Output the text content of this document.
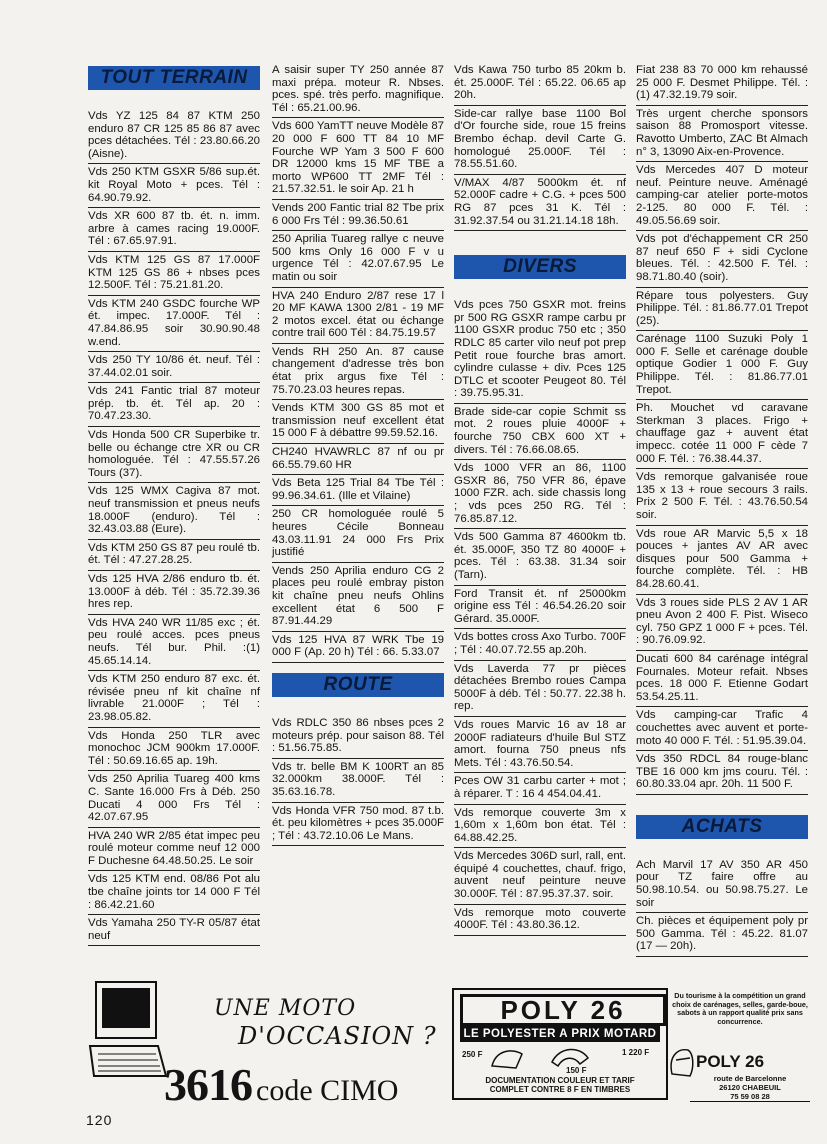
TOUT TERRAIN
Vds YZ 125 84 87 KTM 250 enduro 87 CR 125 85 86 87 avec pces détachées. Tél : 23.80.66.20 (Aisne).
Vds 250 KTM GSXR 5/86 sup.ét. kit Royal Moto + pces. Tél : 64.90.79.92.
Vds XR 600 87 tb. ét. n. imm. arbre à cames racing 19.000F. Tél : 67.65.97.91.
Vds KTM 125 GS 87 17.000F KTM 125 GS 86 + nbses pces 12.500F. Tél : 75.21.81.20.
Vds KTM 240 GSDC fourche WP ét. impec. 17.000F. Tél : 47.84.86.95 soir 30.90.90.48 w.end.
Vds 250 TY 10/86 ét. neuf. Tél : 37.44.02.01 soir.
Vds 241 Fantic trial 87 moteur prép. tb. ét. Tél ap. 20 : 70.47.23.30.
Vds Honda 500 CR Superbike tr. belle ou échange ctre XR ou CR homologuée. Tél : 47.55.57.26 Tours (37).
Vds 125 WMX Cagiva 87 mot. neuf transmission et pneus neufs 18.000F (enduro). Tél : 32.43.03.88 (Eure).
Vds KTM 250 GS 87 peu roulé tb. ét. Tél : 47.27.28.25.
Vds 125 HVA 2/86 enduro tb. ét. 13.000F à déb. Tél : 35.72.39.36 hres rep.
Vds HVA 240 WR 11/85 exc ; ét. peu roulé acces. pces pneus neufs. Tél bur. Phil. :(1) 45.65.14.14.
Vds KTM 250 enduro 87 exc. ét. révisée pneu nf kit chaîne nf livrable 21.000F ; Tél : 23.98.05.82.
Vds Honda 250 TLR avec monochoc JCM 900km 17.000F. Tél : 50.69.16.65 ap. 19h.
Vds 250 Aprilia Tuareg 400 kms C. Sante 16.000 Frs à Déb. 250 Ducati 4 000 Frs Tél : 42.07.67.95
HVA 240 WR 2/85 état impec peu roulé moteur comme neuf 12 000 F Duchesne 64.48.50.25. Le soir
Vds 125 KTM end. 08/86 Pot alu tbe chaîne joints tor 14 000 F Tél : 86.42.21.60
Vds Yamaha 250 TY-R 05/87 état neuf
A saisir super TY 250 année 87 maxi prépa. moteur R. Nbses. pces. spé. très perfo. magnifique. Tél : 65.21.00.96.
Vds 600 YamTT neuve Modèle 87 20 000 F 600 TT 84 10 MF Fourche WP Yam 3 500 F 600 DR 12000 kms 15 MF TBE a morto WP600 TT 2MF Tél : 21.57.32.51. le soir Ap. 21 h
Vends 200 Fantic trial 82 Tbe prix 6 000 Frs Tél : 99.36.50.61
250 Aprilia Tuareg rallye c neuve 500 kms Only 16 000 F v u urgence Tél : 42.07.67.95 Le matin ou soir
HVA 240 Enduro 2/87 rese 17 l 20 MF KAWA 1300 2/81 - 19 MF 2 motos excel. état ou échange contre trail 600 Tél : 84.75.19.57
Vends RH 250 An. 87 cause changement d'adresse très bon état prix argus fixe Tél : 75.70.23.03 heures repas.
Vends KTM 300 GS 85 mot et transmission neuf excellent état 15 000 F à débattre 99.59.52.16.
CH240 HVAWRLC 87 nf ou pr 66.55.79.60 HR
Vds Beta 125 Trial 84 Tbe Tél : 99.96.34.61. (Ille et Vilaine)
250 CR homologuée roulé 5 heures Cécile Bonneau 43.03.11.91 24 000 Frs Prix justifié
Vends 250 Aprilia enduro CG 2 places peu roulé embray piston kit chaîne pneu neufs Ohlins excellent état 6 500 F 87.91.44.29
Vds 125 HVA 87 WRK Tbe 19 000 F (Ap. 20 h) Tél : 66. 5.33.07
ROUTE
Vds RDLC 350 86 nbses pces 2 moteurs prép. pour saison 88. Tél : 51.56.75.85.
Vds tr. belle BM K 100RT an 85 32.000km 38.000F. Tél : 35.63.16.78.
Vds Honda VFR 750 mod. 87 t.b. ét. peu kilomètres + pces 35.000F ; Tél : 43.72.10.06 Le Mans.
Vds Kawa 750 turbo 85 20km b. ét. 25.000F. Tél : 65.22. 06.65 ap 20h.
Side-car rallye base 1100 Bol d'Or fourche side, roue 15 freins Brembo échap. devil Carte G. homologué 25.000F. Tél : 78.55.51.60.
V/MAX 4/87 5000km ét. nf 52.000F cadre + C.G. + pces 500 RG 87 pces 31 K. Tél : 31.92.37.54 ou 31.21.14.18 18h.
DIVERS
Vds pces 750 GSXR mot. freins pr 500 RG GSXR rampe carbu pr 1100 GSXR produc 750 etc ; 350 RDLC 85 carter vilo neuf pot prep Petit roue fourche bras amort. cylindre culasse + div. Pces 125 DTLC et scooter Peugeot 80. Tél : 39.75.95.31.
Brade side-car copie Schmit ss mot. 2 roues pluie 4000F + fourche 750 CBX 600 XT + divers. Tél : 76.66.08.65.
Vds 1000 VFR an 86, 1100 GSXR 86, 750 VFR 86, épave 1000 FZR. ach. side chassis long ; vds pces 250 RG. Tél : 76.85.87.12.
Vds 500 Gamma 87 4600km tb. ét. 35.000F, 350 TZ 80 4000F + pces. Tél : 63.38. 31.34 soir (Tarn).
Ford Transit ét. nf 25000km origine ess Tél : 46.54.26.20 soir Gérard. 35.000F.
Vds bottes cross Axo Turbo. 700F ; Tél : 40.07.72.55 ap.20h.
Vds Laverda 77 pr pièces détachées Brembo roues Campa 5000F à déb. Tél : 50.77. 22.38 h. rep.
Vds roues Marvic 16 av 18 ar 2000F radiateurs d'huile Bul STZ amort. fourna 750 pneus nfs Mets. Tél : 43.76.50.54.
Pces OW 31 carbu carter + mot ; à réparer. T : 16 4 454.04.41.
Vds remorque couverte 3m x 1,60m x 1,60m bon état. Tél : 64.88.42.25.
Vds Mercedes 306D surl, rall, ent. équipé 4 couchettes, chauf. frigo, auvent neuf peinture neuve 30.000F. Tél : 87.95.37.37. soir.
Vds remorque moto couverte 4000F. Tél : 43.80.36.12.
Fiat 238 83 70 000 km rehaussé 25 000 F. Desmet Philippe. Tél. : (1) 47.32.19.79 soir.
Très urgent cherche sponsors saison 88 Promosport vitesse. Ravotto Umberto, ZAC Bt Almach n° 3, 13090 Aix-en-Provence.
Vds Mercedes 407 D moteur neuf. Peinture neuve. Aménagé camping-car atelier porte-motos 2-125. 80 000 F. Tél. : 49.05.56.69 soir.
Vds pot d'échappement CR 250 87 neuf 650 F + sidi Cyclone bleues. Tél. : 42.500 F. Tél. : 98.71.80.40 (soir).
Répare tous polyesters. Guy Philippe. Tél. : 81.86.77.01 Trepot (25).
Carénage 1100 Suzuki Poly 1 000 F. Selle et carénage double optique Godier 1 000 F. Guy Philippe. Tél. : 81.86.77.01 Trepot.
Ph. Mouchet vd caravane Sterkman 3 places. Frigo + chauffage gaz + auvent état impecc. cotée 11 000 F cède 7 000 F. Tél. : 76.38.44.37.
Vds remorque galvanisée roue 135 x 13 + roue secours 3 rails. Prix 2 500 F. Tél. : 43.76.50.54 soir.
Vds roue AR Marvic 5,5 x 18 pouces + jantes AV AR avec disques pour 500 Gamma + fourche complète. Tél. : HB 84.28.60.41.
Vds 3 roues side PLS 2 AV 1 AR pneu Avon 2 400 F. Pist. Wiseco cyl. 750 GPZ 1 000 F + pces. Tél. : 90.76.09.92.
Ducati 600 84 carénage intégral Fournales. Moteur refait. Nbses pces. 18 000 F. Etienne Godart 53.54.25.11.
Vds camping-car Trafic 4 couchettes avec auvent et porte-moto 40 000 F. Tél. : 51.95.39.04.
Vds 350 RDCL 84 rouge-blanc TBE 16 000 km jms couru. Tél. : 60.80.33.04 apr. 20h. 11 500 F.
ACHATS
Ach Marvil 17 AV 350 AR 450 pour TZ faire offre au 50.98.10.54. ou 50.98.75.27. Le soir
Ch. pièces et équipement poly pr 500 Gamma. Tél : 45.22. 81.07 (17 — 20h).
UNE MOTO
D'OCCASION ?
3616 code CIMO
POLY 26
LE POLYESTER A PRIX MOTARD
250 F
150 F
1 220 F
DOCUMENTATION COULEUR ET TARIF
COMPLET CONTRE 8 F EN TIMBRES
Du tourisme à la compétition un grand choix de carénages, selles, garde-boue, sabots à un rapport qualité prix sans concurrence.
POLY 26
route de Barcelonne
26120 CHABEUIL
75 59 08 28
120
